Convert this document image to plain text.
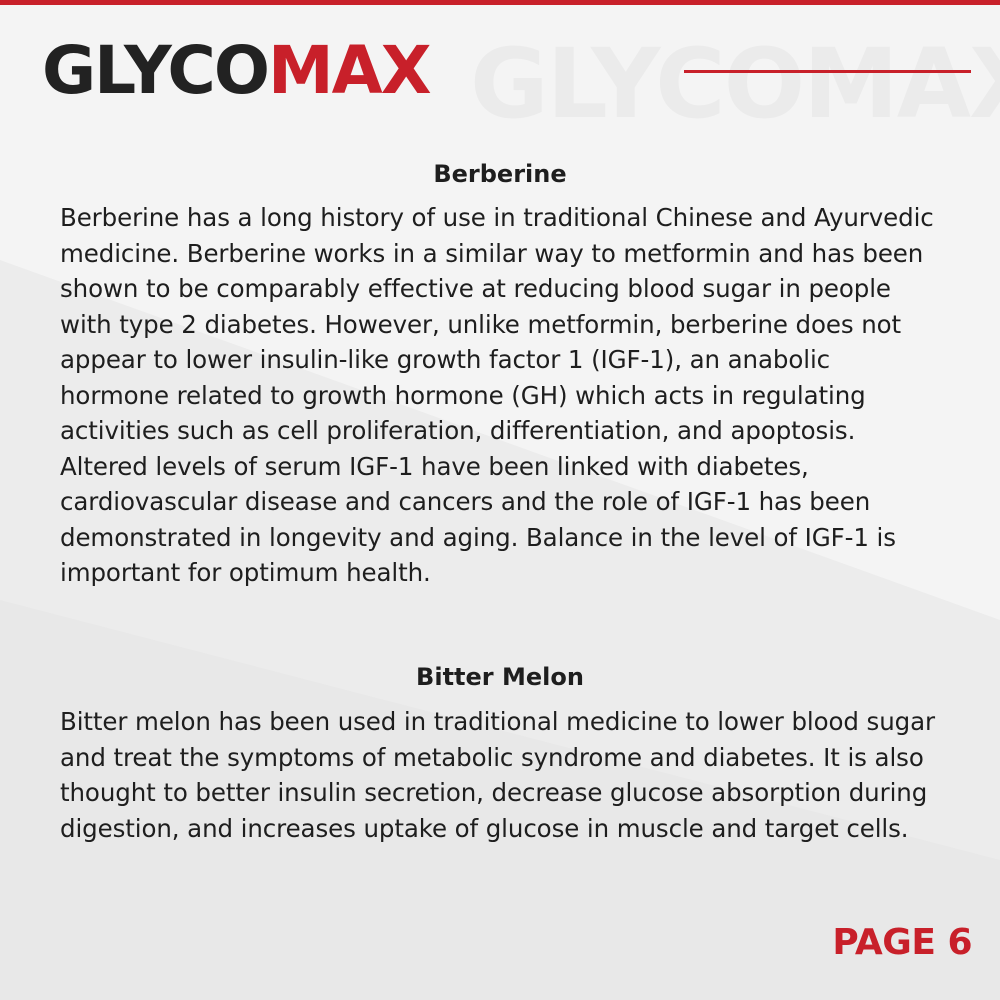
GLYCOMAX
Berberine

Berberine has a long history of use in traditional Chinese and Ayurvedic medicine. Berberine works in a similar way to metformin and has been shown to be comparably effective at reducing blood sugar in people with type 2 diabetes. However, unlike metformin, berberine does not appear to lower insulin-like growth factor 1 (IGF-1), an anabolic hormone related to growth hormone (GH) which acts in regulating activities such as cell proliferation, differentiation, and apoptosis. Altered levels of serum IGF-1 have been linked with diabetes, cardiovascular disease and cancers and the role of IGF-1 has been demonstrated in longevity and aging. Balance in the level of IGF-1 is important for optimum health.

Bitter Melon

Bitter melon has been used in traditional medicine to lower blood sugar and treat the symptoms of metabolic syndrome and diabetes. It is also thought to better insulin secretion, decrease glucose absorption during digestion, and increases uptake of glucose in muscle and target cells.

PAGE 6
